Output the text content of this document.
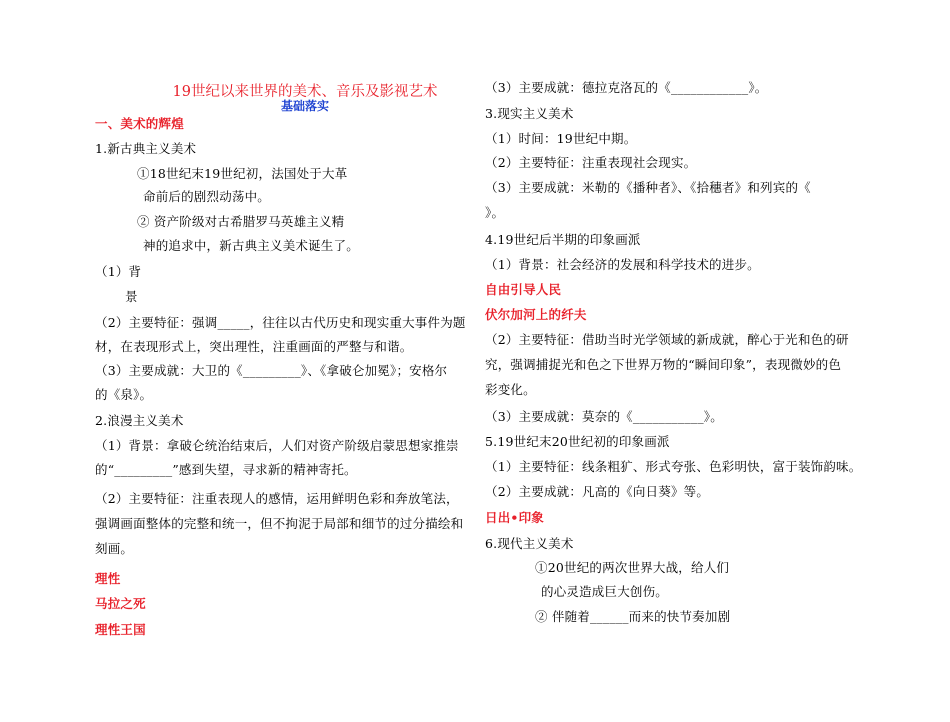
19世纪以来世界的美术、音乐及影视艺术
基础落实
一、美术的辉煌
1.新古典主义美术
①18世纪末19世纪初，法国处于大革
命前后的剧烈动荡中。
② 资产阶级对古希腊罗马英雄主义精
神的追求中，新古典主义美术诞生了。
（1）背
景
（2）主要特征：强调_____，往往以古代历史和现实重大事件为题
材，在表现形式上，突出理性，注重画面的严整与和谐。
（3）主要成就：大卫的《_________》、《拿破仑加冕》；安格尔
的《泉》。
2.浪漫主义美术
（1）背景：拿破仑统治结束后，人们对资产阶级启蒙思想家推崇
的“_________”感到失望，寻求新的精神寄托。
（2）主要特征：注重表现人的感情，运用鲜明色彩和奔放笔法，
强调画面整体的完整和统一，但不拘泥于局部和细节的过分描绘和
刻画。
理性
马拉之死
理性王国
（3）主要成就：德拉克洛瓦的《____________》。
3.现实主义美术
（1）时间：19世纪中期。
（2）主要特征：注重表现社会现实。
（3）主要成就：米勒的《播种者》、《拾穗者》和列宾的《
》。
4.19世纪后半期的印象画派
（1）背景：社会经济的发展和科学技术的进步。
自由引导人民
伏尔加河上的纤夫
（2）主要特征：借助当时光学领域的新成就，醉心于光和色的研
究，强调捕捉光和色之下世界万物的“瞬间印象”，表现微妙的色
彩变化。
（3）主要成就：莫奈的《___________》。
5.19世纪末20世纪初的印象画派
（1）主要特征：线条粗犷、形式夸张、色彩明快，富于装饰韵味。
（2）主要成就：凡高的《向日葵》等。
日出•印象
6.现代主义美术
①20世纪的两次世界大战，给人们
的心灵造成巨大创伤。
② 伴随着______而来的快节奏加剧
